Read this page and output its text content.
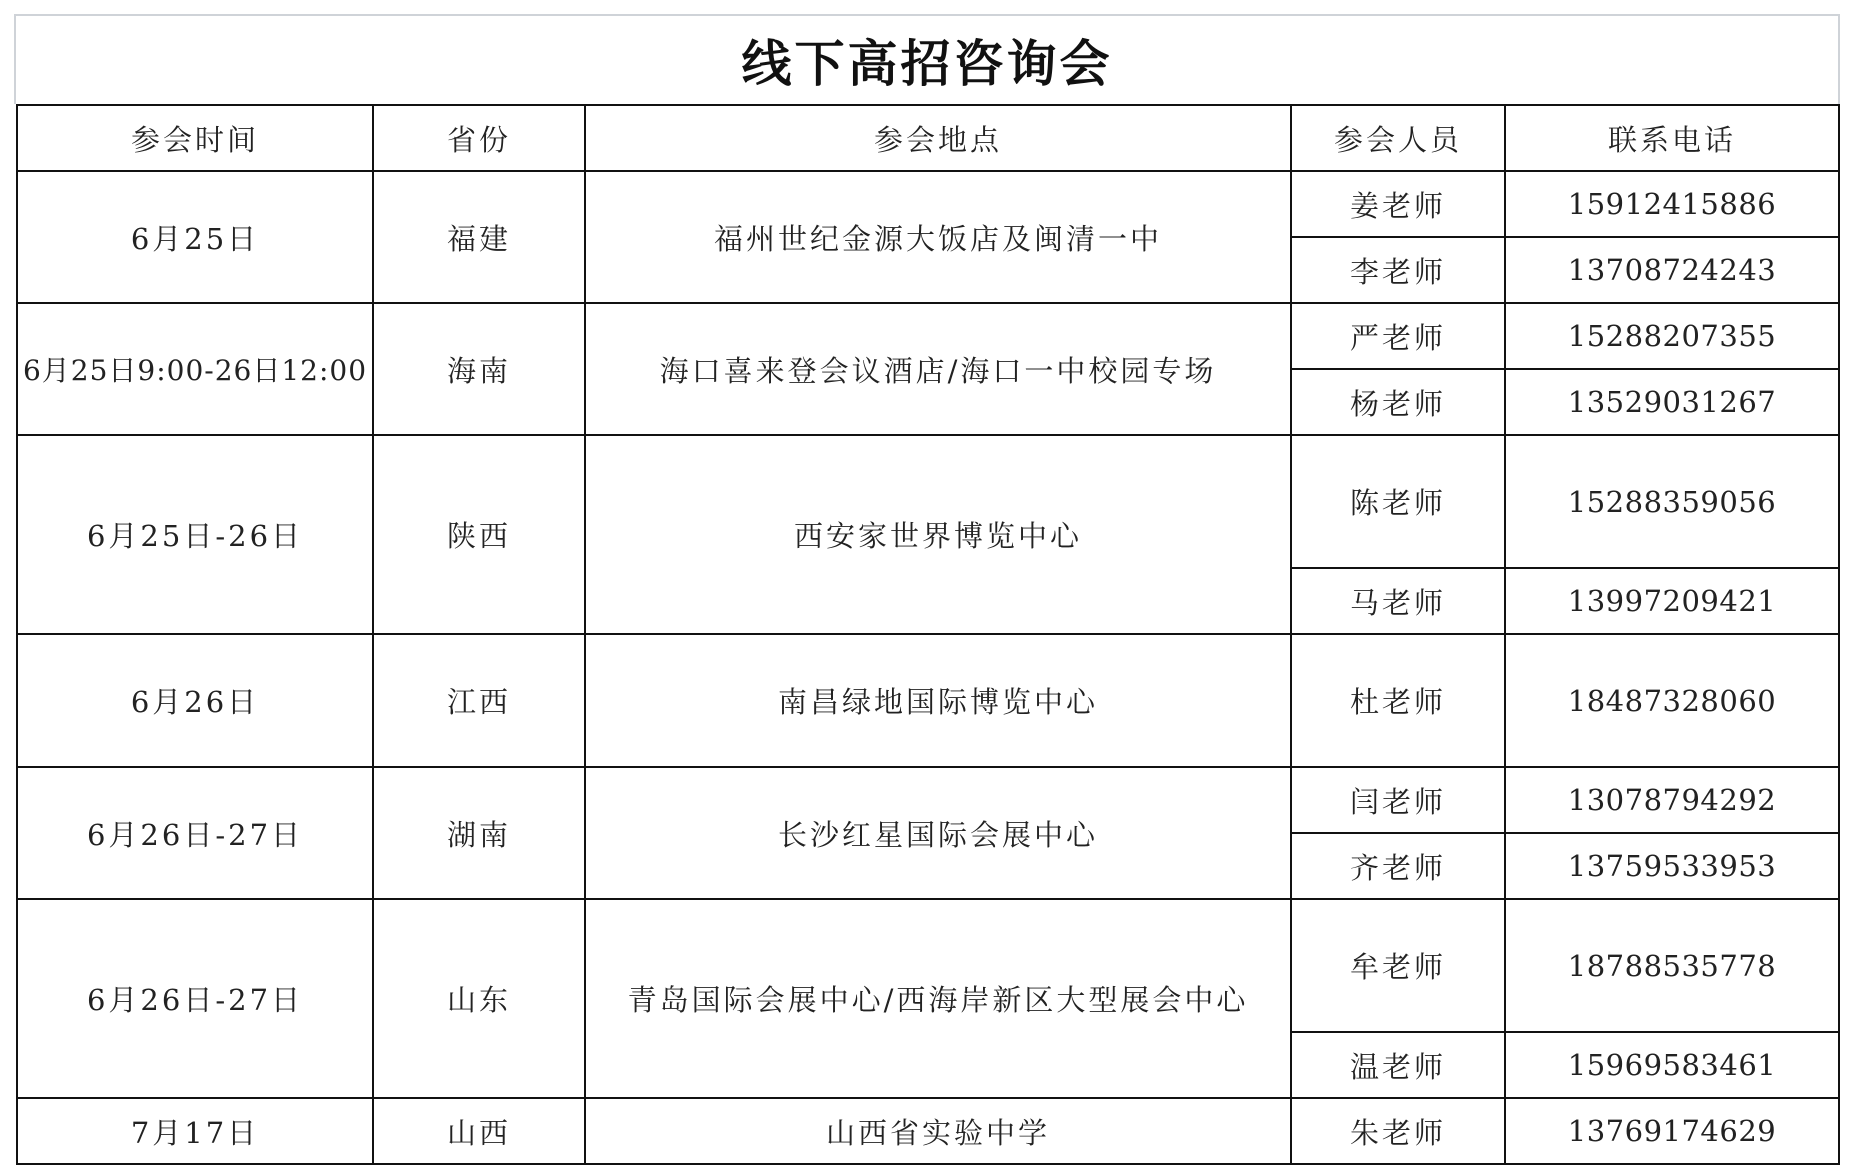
线下高招咨询会
参会时间	省份	参会地点	参会人员	联系电话
6月25日	福建	福州世纪金源大饭店及闽清一中	姜老师	15912415886
			李老师	13708724243
6月25日9:00-26日12:00	海南	海口喜来登会议酒店/海口一中校园专场	严老师	15288207355
			杨老师	13529031267
6月25日-26日	陕西	西安家世界博览中心	陈老师	15288359056
			马老师	13997209421
6月26日	江西	南昌绿地国际博览中心	杜老师	18487328060
6月26日-27日	湖南	长沙红星国际会展中心	闫老师	13078794292
			齐老师	13759533953
6月26日-27日	山东	青岛国际会展中心/西海岸新区大型展会中心	牟老师	18788535778
			温老师	15969583461
7月17日	山西	山西省实验中学	朱老师	13769174629
